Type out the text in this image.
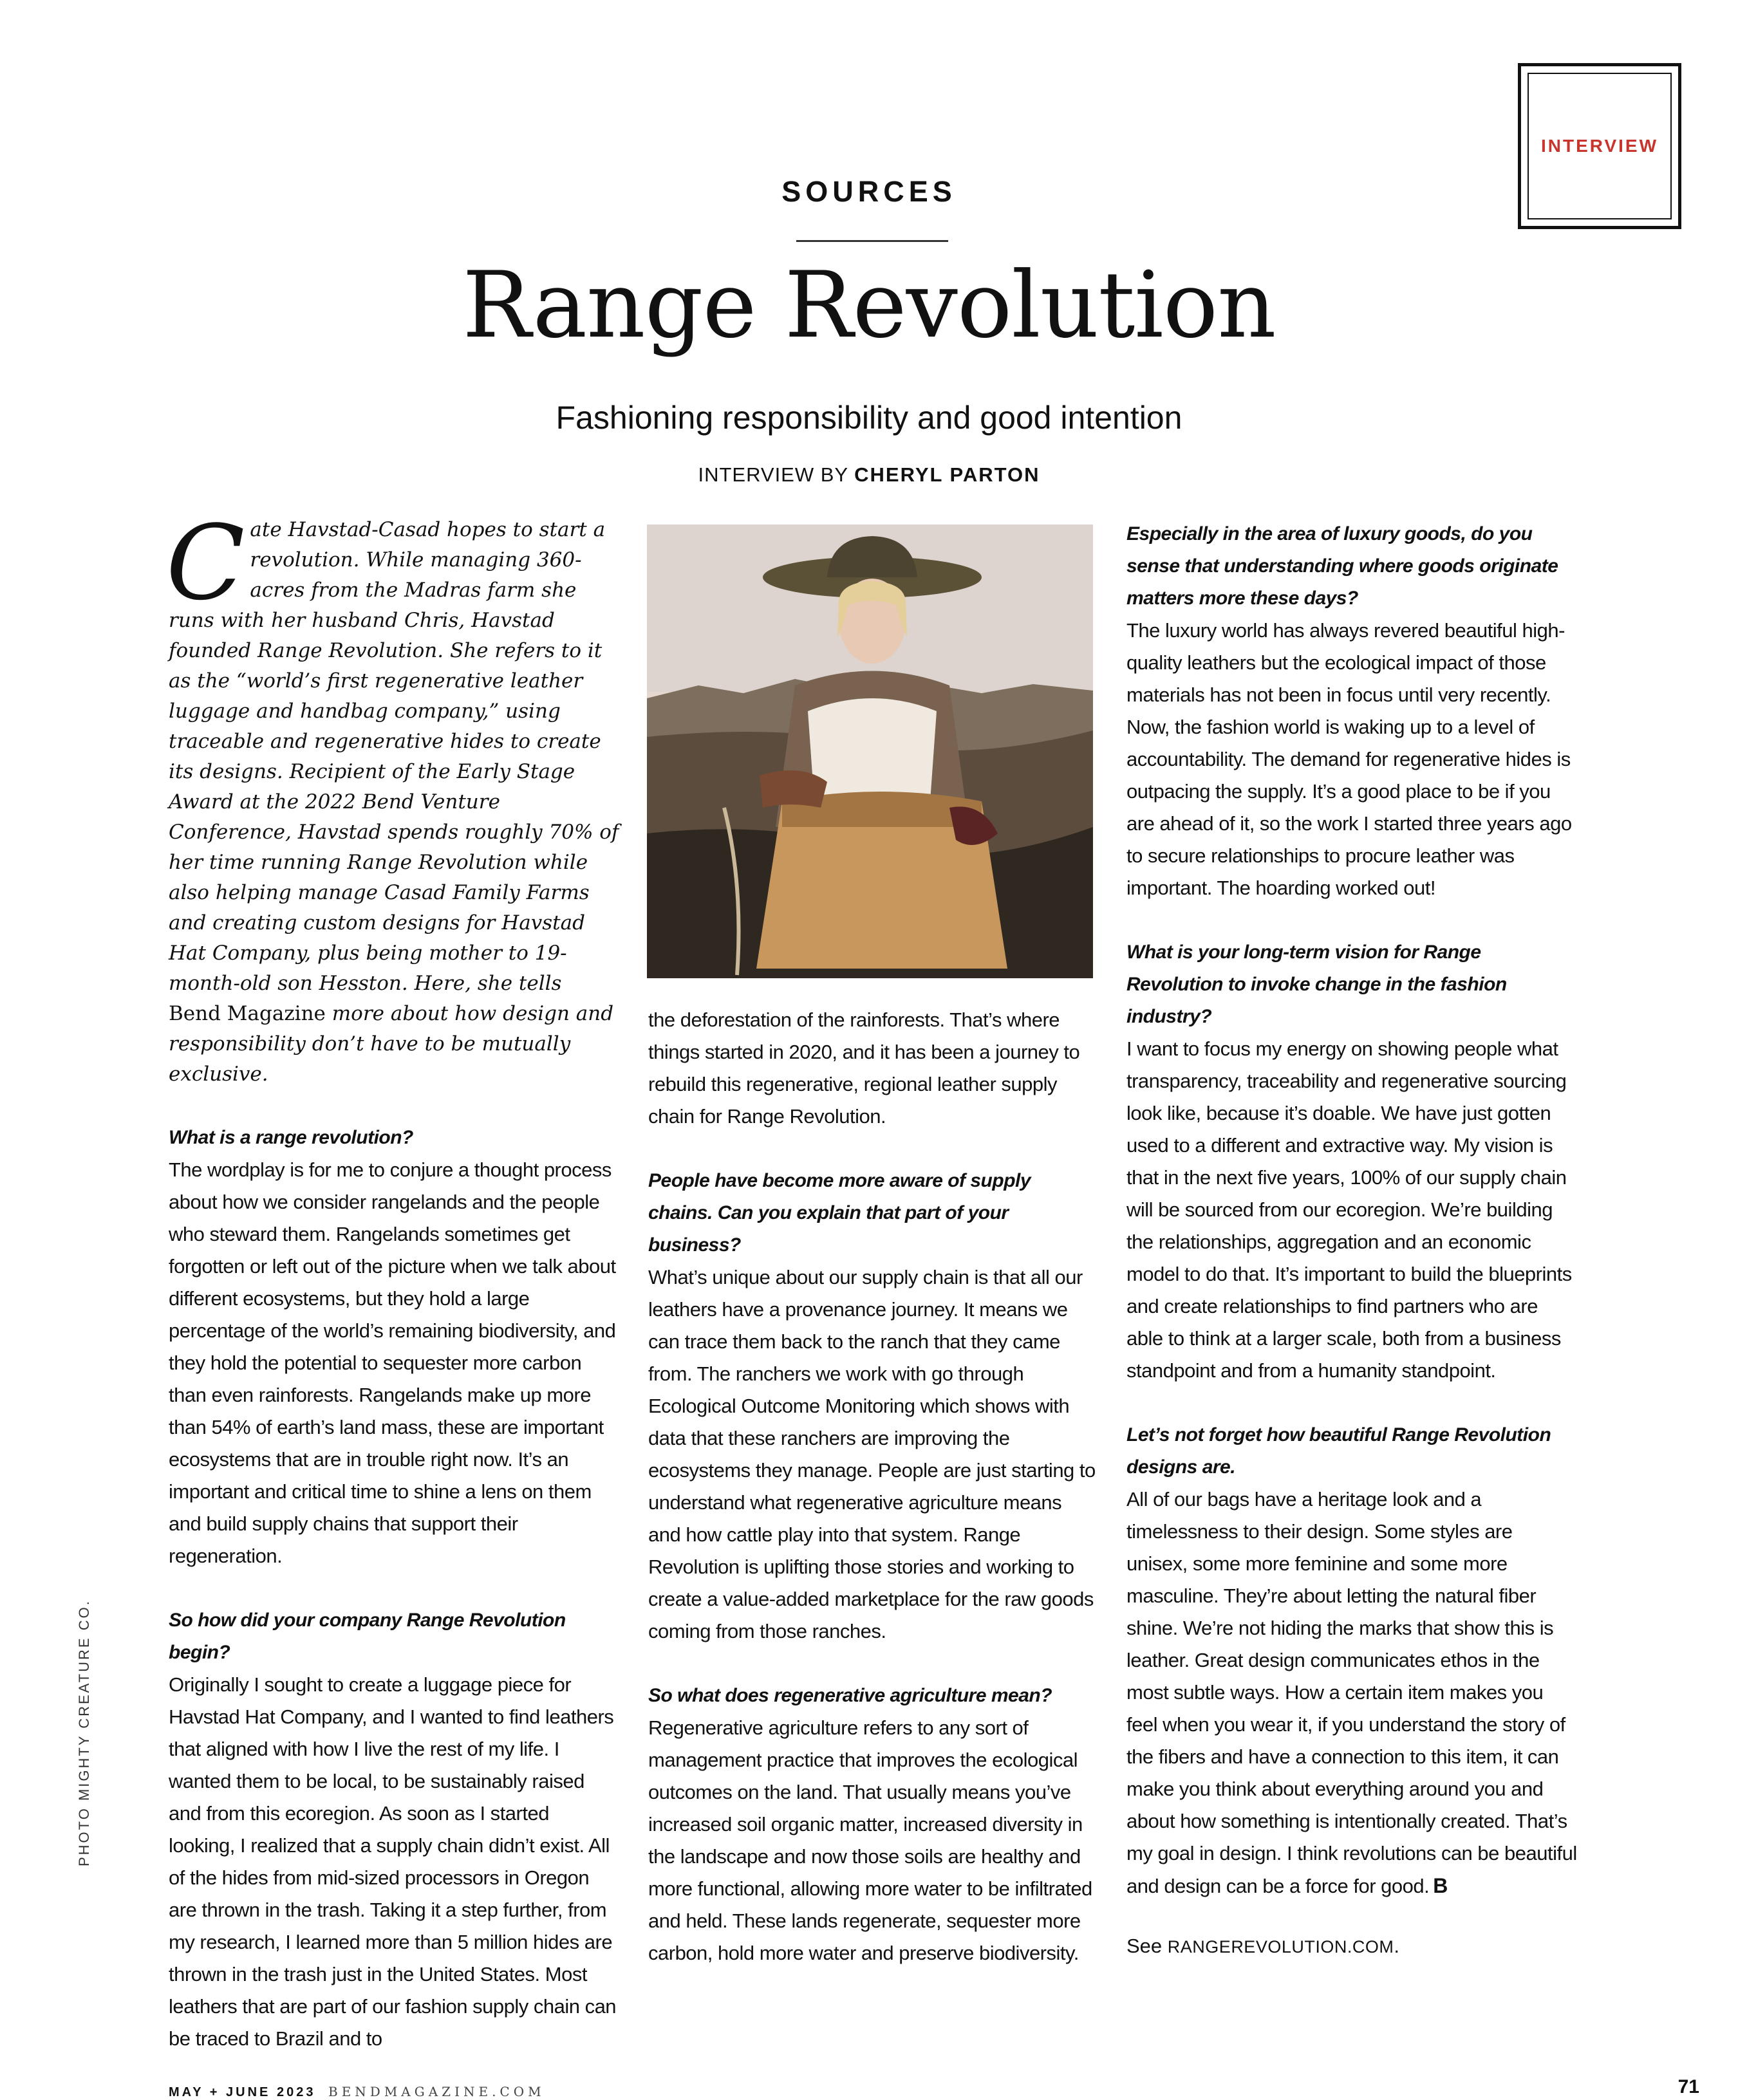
INTERVIEW
SOURCES
Range Revolution
Fashioning responsibility and good intention
INTERVIEW BY CHERYL PARTON

Cate Havstad-Casad hopes to start a revolution. While managing 360-acres from the Madras farm she runs with her husband Chris, Havstad founded Range Revolution. She refers to it as the “world’s first regenerative leather luggage and handbag company,” using traceable and regenerative hides to create its designs. Recipient of the Early Stage Award at the 2022 Bend Venture Conference, Havstad spends roughly 70% of her time running Range Revolution while also helping manage Casad Family Farms and creating custom designs for Havstad Hat Company, plus being mother to 19-month-old son Hesston. Here, she tells Bend Magazine more about how design and responsibility don’t have to be mutually exclusive.

What is a range revolution?

The wordplay is for me to conjure a thought process about how we consider rangelands and the people who steward them. Rangelands sometimes get forgotten or left out of the picture when we talk about different ecosystems, but they hold a large percentage of the world’s remaining biodiversity, and they hold the potential to sequester more carbon than even rainforests. Rangelands make up more than 54% of earth’s land mass, these are important ecosystems that are in trouble right now. It’s an important and critical time to shine a lens on them and build supply chains that support their regeneration.

So how did your company Range Revolution begin?

Originally I sought to create a luggage piece for Havstad Hat Company, and I wanted to find leathers that aligned with how I live the rest of my life. I wanted them to be local, to be sustainably raised and from this ecoregion. As soon as I started looking, I realized that a supply chain didn’t exist. All of the hides from mid-sized processors in Oregon are thrown in the trash. Taking it a step further, from my research, I learned more than 5 million hides are thrown in the trash just in the United States. Most leathers that are part of our fashion supply chain can be traced to Brazil and to

the deforestation of the rainforests. That’s where things started in 2020, and it has been a journey to rebuild this regenerative, regional leather supply chain for Range Revolution.

People have become more aware of supply chains. Can you explain that part of your business?

What’s unique about our supply chain is that all our leathers have a provenance journey. It means we can trace them back to the ranch that they came from. The ranchers we work with go through Ecological Outcome Monitoring which shows with data that these ranchers are improving the ecosystems they manage. People are just starting to understand what regenerative agriculture means and how cattle play into that system. Range Revolution is uplifting those stories and working to create a value-added marketplace for the raw goods coming from those ranches.

So what does regenerative agriculture mean?

Regenerative agriculture refers to any sort of management practice that improves the ecological outcomes on the land. That usually means you’ve increased soil organic matter, increased diversity in the landscape and now those soils are healthy and more functional, allowing more water to be infiltrated and held. These lands regenerate, sequester more carbon, hold more water and preserve biodiversity.

Especially in the area of luxury goods, do you sense that understanding where goods originate matters more these days?

The luxury world has always revered beautiful high-quality leathers but the ecological impact of those materials has not been in focus until very recently. Now, the fashion world is waking up to a level of accountability. The demand for regenerative hides is outpacing the supply. It’s a good place to be if you are ahead of it, so the work I started three years ago to secure relationships to procure leather was important. The hoarding worked out!

What is your long-term vision for Range Revolution to invoke change in the fashion industry?

I want to focus my energy on showing people what transparency, traceability and regenerative sourcing look like, because it’s doable. We have just gotten used to a different and extractive way. My vision is that in the next five years, 100% of our supply chain will be sourced from our ecoregion. We’re building the relationships, aggregation and an economic model to do that. It’s important to build the blueprints and create relationships to find partners who are able to think at a larger scale, both from a business standpoint and from a humanity standpoint.

Let’s not forget how beautiful Range Revolution designs are.

All of our bags have a heritage look and a timelessness to their design. Some styles are unisex, some more feminine and some more masculine. They’re about letting the natural fiber shine. We’re not hiding the marks that show this is leather. Great design communicates ethos in the most subtle ways. How a certain item makes you feel when you wear it, if you understand the story of the fibers and have a connection to this item, it can make you think about everything around you and about how something is intentionally created. That’s my goal in design. I think revolutions can be beautiful and design can be a force for good. B

See RANGEREVOLUTION.COM.

PHOTO MIGHTY CREATURE CO.
MAY + JUNE 2023 BENDMAGAZINE.COM	71
